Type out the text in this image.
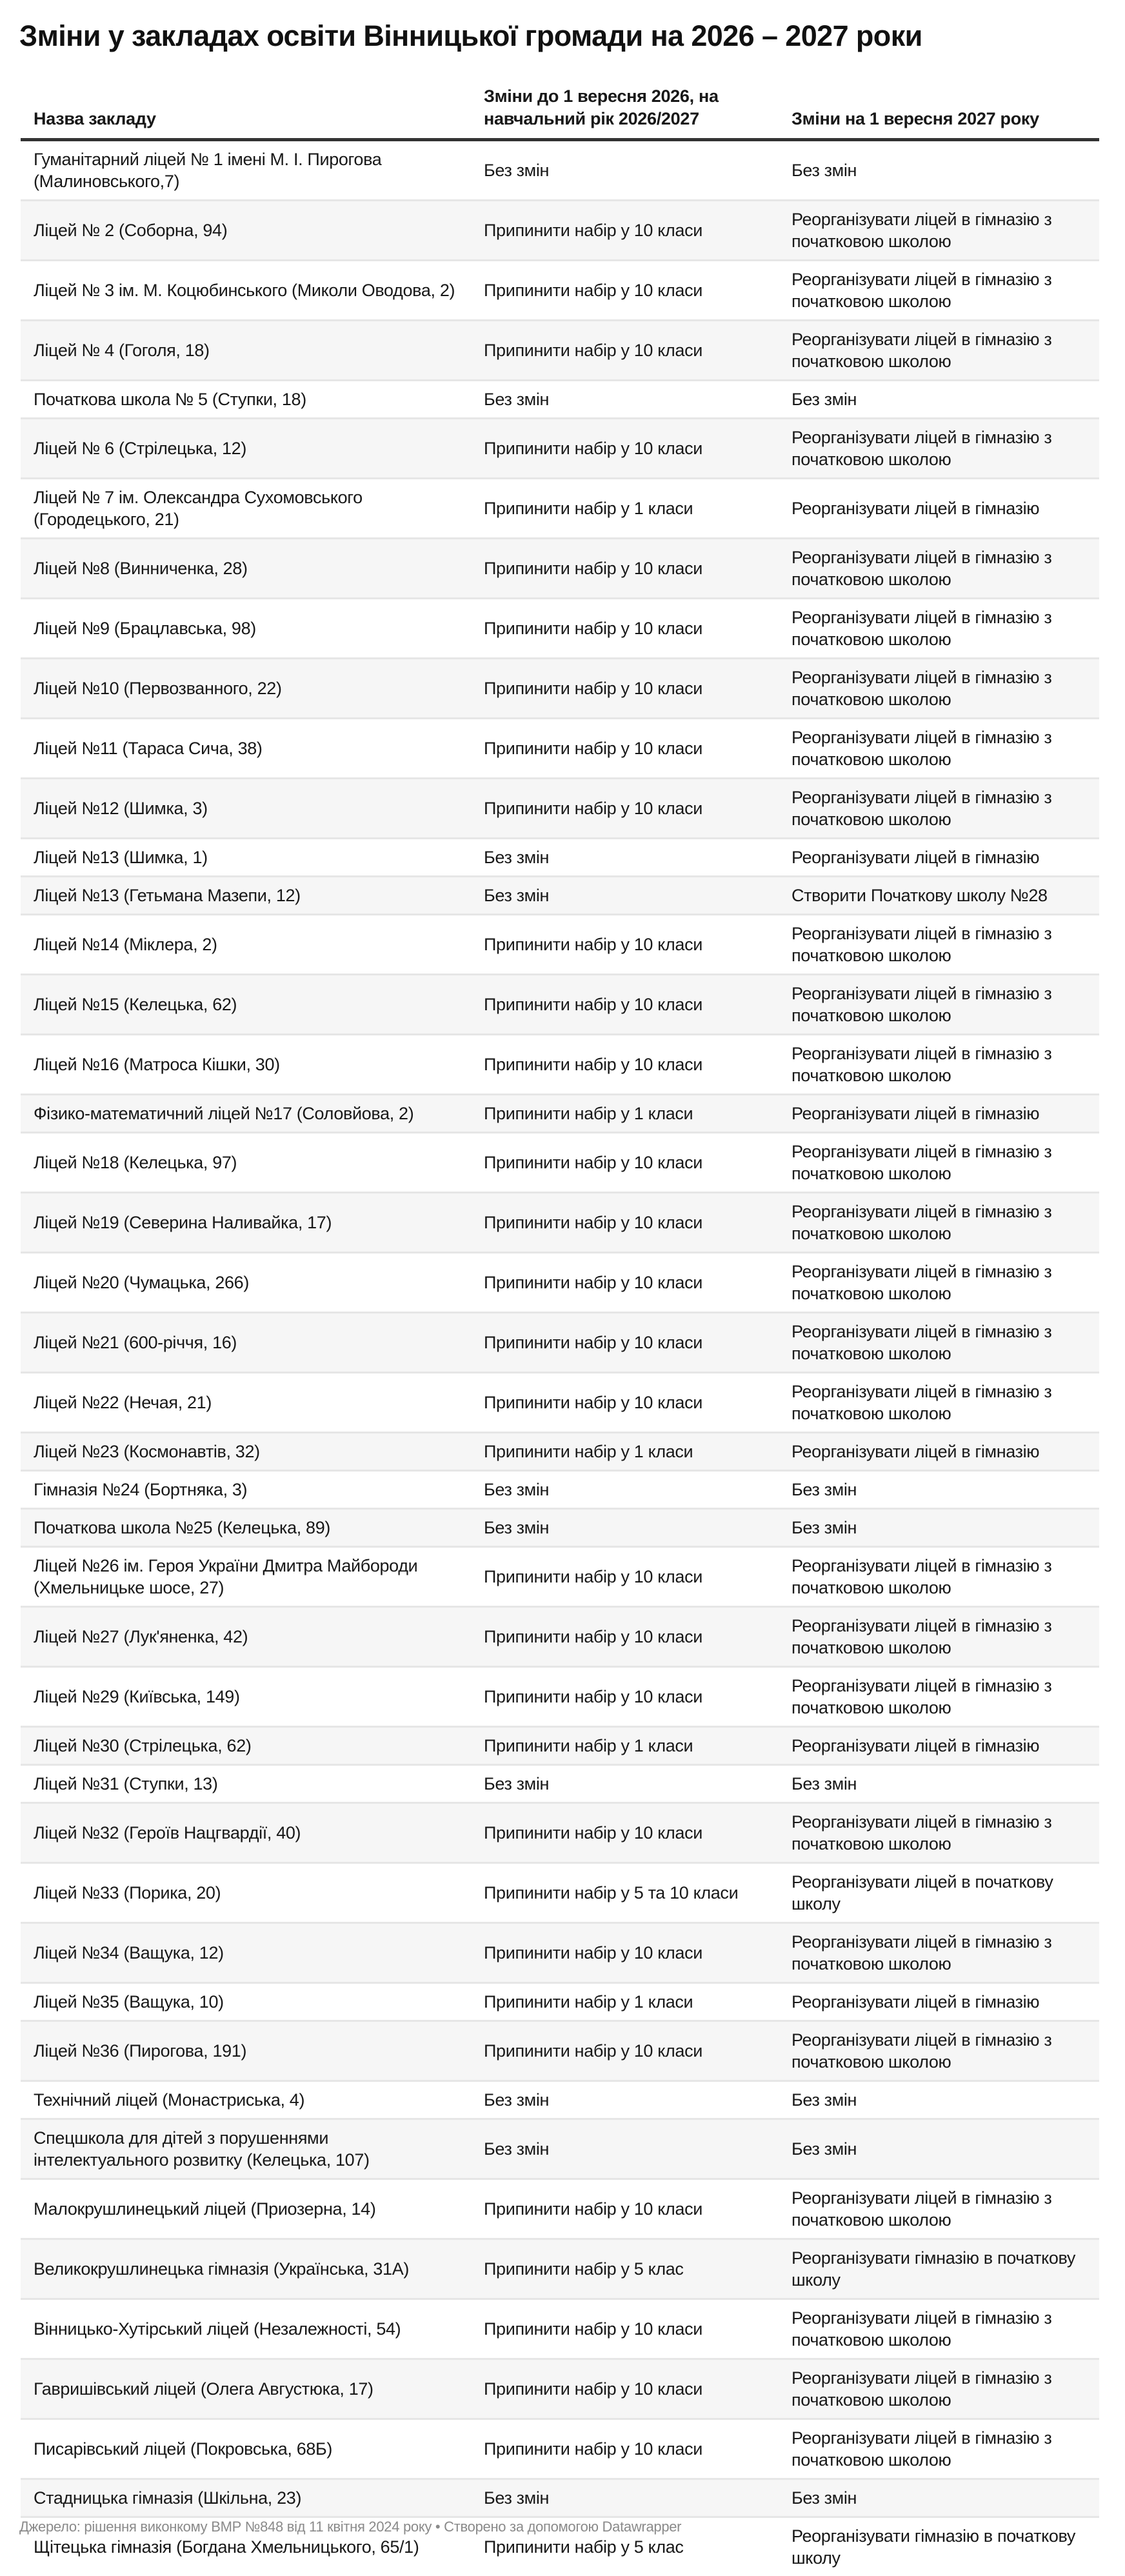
Зміни у закладах освіти Вінницької громади на 2026 – 2027 роки
Назва закладу	Зміни до 1 вересня 2026, на навчальний рік 2026/2027	Зміни на 1 вересня 2027 року
Гуманітарний ліцей № 1 імені М. І. Пирогова (Малиновського,7)	Без змін	Без змін
Ліцей № 2 (Соборна, 94)	Припинити набір у 10 класи	Реорганізувати ліцей в гімназію з початковою школою
Ліцей № 3 ім. М. Коцюбинського (Миколи Оводова, 2)	Припинити набір у 10 класи	Реорганізувати ліцей в гімназію з початковою школою
Ліцей № 4 (Гоголя, 18)	Припинити набір у 10 класи	Реорганізувати ліцей в гімназію з початковою школою
Початкова школа № 5 (Ступки, 18)	Без змін	Без змін
Ліцей № 6 (Стрілецька, 12)	Припинити набір у 10 класи	Реорганізувати ліцей в гімназію з початковою школою
Ліцей № 7 ім. Олександра Сухомовського (Городецького, 21)	Припинити набір у 1 класи	Реорганізувати ліцей в гімназію
Ліцей №8 (Винниченка, 28)	Припинити набір у 10 класи	Реорганізувати ліцей в гімназію з початковою школою
Ліцей №9 (Брацлавська, 98)	Припинити набір у 10 класи	Реорганізувати ліцей в гімназію з початковою школою
Ліцей №10 (Первозванного, 22)	Припинити набір у 10 класи	Реорганізувати ліцей в гімназію з початковою школою
Ліцей №11 (Тараса Сича, 38)	Припинити набір у 10 класи	Реорганізувати ліцей в гімназію з початковою школою
Ліцей №12 (Шимка, 3)	Припинити набір у 10 класи	Реорганізувати ліцей в гімназію з початковою школою
Ліцей №13 (Шимка, 1)	Без змін	Реорганізувати ліцей в гімназію
Ліцей №13 (Гетьмана Мазепи, 12)	Без змін	Створити Початкову школу №28
Ліцей №14 (Міклера, 2)	Припинити набір у 10 класи	Реорганізувати ліцей в гімназію з початковою школою
Ліцей №15 (Келецька, 62)	Припинити набір у 10 класи	Реорганізувати ліцей в гімназію з початковою школою
Ліцей №16 (Матроса Кішки, 30)	Припинити набір у 10 класи	Реорганізувати ліцей в гімназію з початковою школою
Фізико-математичний ліцей №17 (Соловйова, 2)	Припинити набір у 1 класи	Реорганізувати ліцей в гімназію
Ліцей №18 (Келецька, 97)	Припинити набір у 10 класи	Реорганізувати ліцей в гімназію з початковою школою
Ліцей №19 (Северина Наливайка, 17)	Припинити набір у 10 класи	Реорганізувати ліцей в гімназію з початковою школою
Ліцей №20 (Чумацька, 266)	Припинити набір у 10 класи	Реорганізувати ліцей в гімназію з початковою школою
Ліцей №21 (600-річчя, 16)	Припинити набір у 10 класи	Реорганізувати ліцей в гімназію з початковою школою
Ліцей №22 (Нечая, 21)	Припинити набір у 10 класи	Реорганізувати ліцей в гімназію з початковою школою
Ліцей №23 (Космонавтів, 32)	Припинити набір у 1 класи	Реорганізувати ліцей в гімназію
Гімназія №24 (Бортняка, 3)	Без змін	Без змін
Початкова школа №25 (Келецька, 89)	Без змін	Без змін
Ліцей №26 ім. Героя України Дмитра Майбороди (Хмельницьке шосе, 27)	Припинити набір у 10 класи	Реорганізувати ліцей в гімназію з початковою школою
Ліцей №27 (Лук'яненка, 42)	Припинити набір у 10 класи	Реорганізувати ліцей в гімназію з початковою школою
Ліцей №29 (Київська, 149)	Припинити набір у 10 класи	Реорганізувати ліцей в гімназію з початковою школою
Ліцей №30 (Стрілецька, 62)	Припинити набір у 1 класи	Реорганізувати ліцей в гімназію
Ліцей №31 (Ступки, 13)	Без змін	Без змін
Ліцей №32 (Героїв Нацгвардії, 40)	Припинити набір у 10 класи	Реорганізувати ліцей в гімназію з початковою школою
Ліцей №33 (Порика, 20)	Припинити набір у 5 та 10 класи	Реорганізувати ліцей в початкову школу
Ліцей №34 (Ващука, 12)	Припинити набір у 10 класи	Реорганізувати ліцей в гімназію з початковою школою
Ліцей №35 (Ващука, 10)	Припинити набір у 1 класи	Реорганізувати ліцей в гімназію
Ліцей №36 (Пирогова, 191)	Припинити набір у 10 класи	Реорганізувати ліцей в гімназію з початковою школою
Технічний ліцей (Монастриська, 4)	Без змін	Без змін
Спецшкола для дітей з порушеннями інтелектуального розвитку (Келецька, 107)	Без змін	Без змін
Малокрушлинецький ліцей (Приозерна, 14)	Припинити набір у 10 класи	Реорганізувати ліцей в гімназію з початковою школою
Великокрушлинецька гімназія (Українська, 31А)	Припинити набір у 5 клас	Реорганізувати гімназію в початкову школу
Вінницько-Хутірський ліцей (Незалежності, 54)	Припинити набір у 10 класи	Реорганізувати ліцей в гімназію з початковою школою
Гавришівський ліцей (Олега Августюка, 17)	Припинити набір у 10 класи	Реорганізувати ліцей в гімназію з початковою школою
Писарівський ліцей (Покровська, 68Б)	Припинити набір у 10 класи	Реорганізувати ліцей в гімназію з початковою школою
Стадницька гімназія (Шкільна, 23)	Без змін	Без змін
Щітецька гімназія (Богдана Хмельницького, 65/1)	Припинити набір у 5 клас	Реорганізувати гімназію в початкову школу
Джерело: рішення виконкому ВМР №848 від 11 квітня 2024 року • Створено за допомогою Datawrapper
